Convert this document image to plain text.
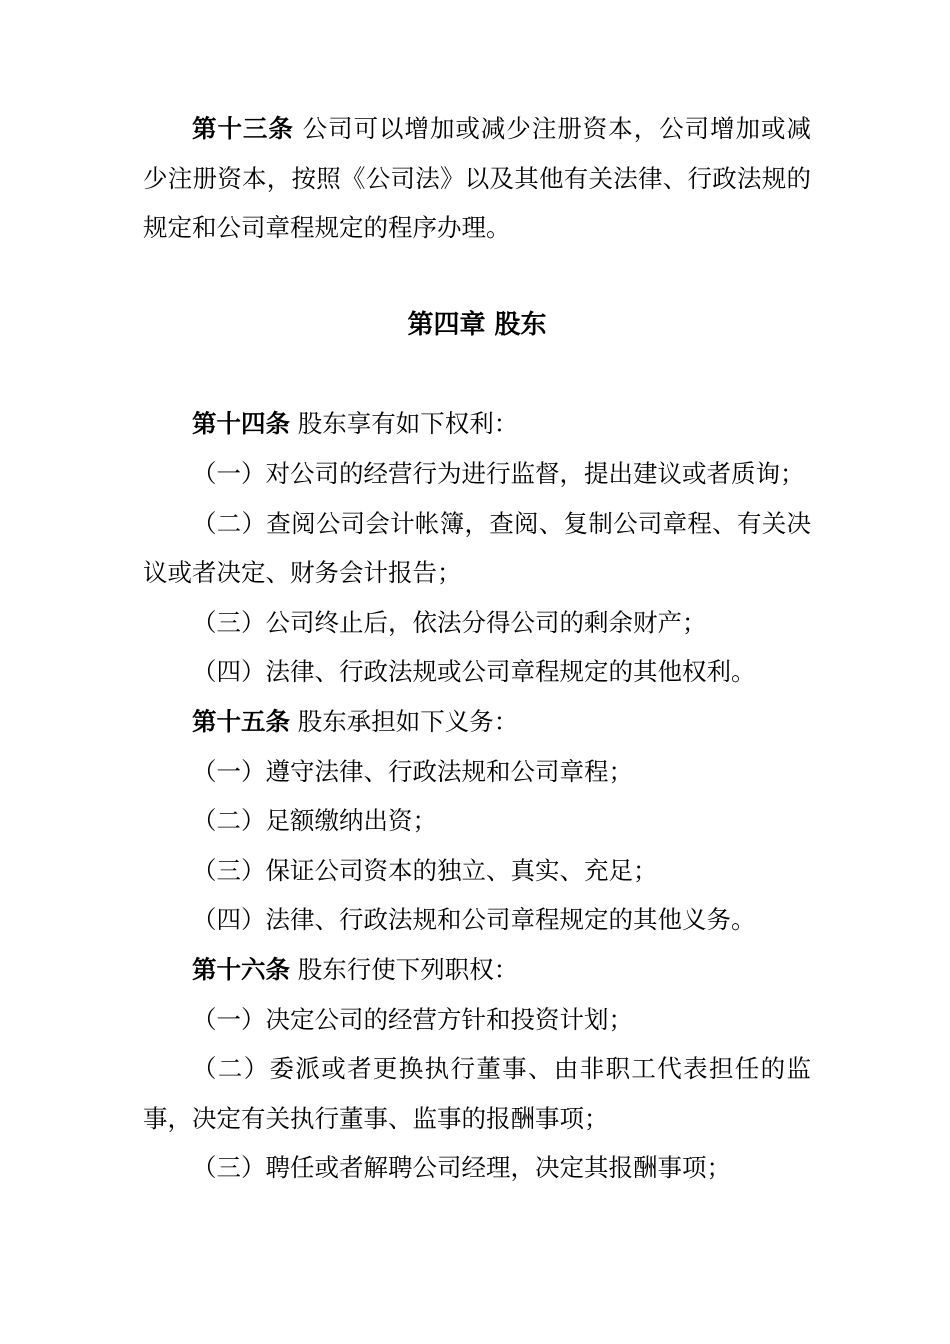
第十三条 公司可以增加或减少注册资本，公司增加或减少注册资本，按照《公司法》以及其他有关法律、行政法规的规定和公司章程规定的程序办理。

第四章 股东

第十四条 股东享有如下权利：

（一）对公司的经营行为进行监督，提出建议或者质询；

（二）查阅公司会计帐簿，查阅、复制公司章程、有关决议或者决定、财务会计报告；

（三）公司终止后，依法分得公司的剩余财产；

（四）法律、行政法规或公司章程规定的其他权利。

第十五条 股东承担如下义务：

（一）遵守法律、行政法规和公司章程；

（二）足额缴纳出资；

（三）保证公司资本的独立、真实、充足；

（四）法律、行政法规和公司章程规定的其他义务。

第十六条 股东行使下列职权：

（一）决定公司的经营方针和投资计划；

（二）委派或者更换执行董事、由非职工代表担任的监事，决定有关执行董事、监事的报酬事项；

（三）聘任或者解聘公司经理，决定其报酬事项；
